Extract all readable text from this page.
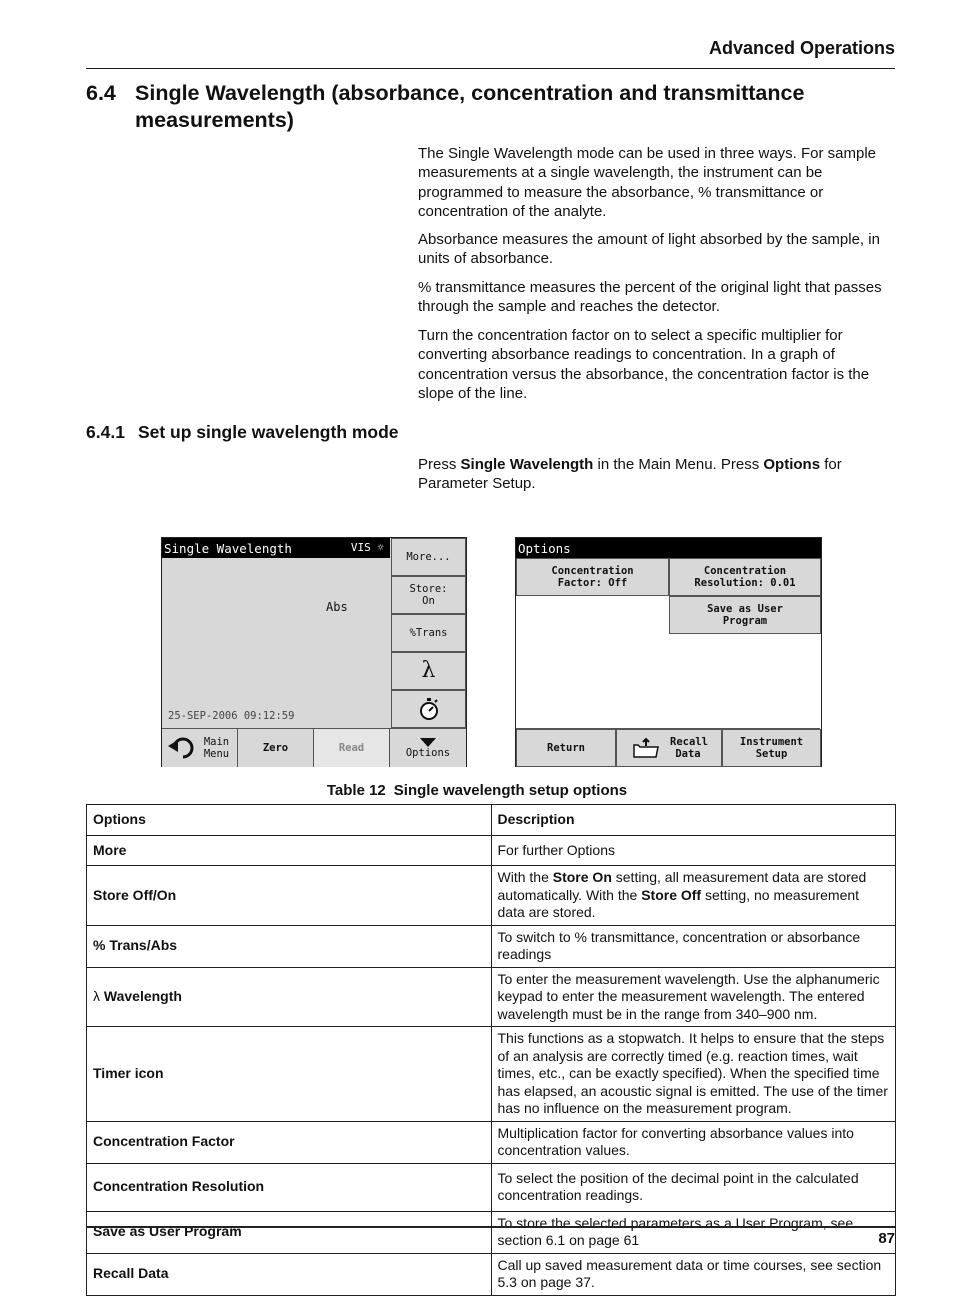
Advanced Operations
6.4 Single Wavelength (absorbance, concentration and transmittance measurements)

The Single Wavelength mode can be used in three ways. For sample measurements at a single wavelength, the instrument can be programmed to measure the absorbance, % transmittance or concentration of the analyte.

Absorbance measures the amount of light absorbed by the sample, in units of absorbance.

% transmittance measures the percent of the original light that passes through the sample and reaches the detector.

Turn the concentration factor on to select a specific multiplier for converting absorbance readings to concentration. In a graph of concentration versus the absorbance, the concentration factor is the slope of the line.

6.4.1 Set up single wavelength mode

Press Single Wavelength in the Main Menu. Press Options for Parameter Setup.

Single Wavelength	VIS ☼
Abs
25-SEP-2006 09:12:59
More...
Store: On
%Trans
λ
Main Menu	Zero	Read	Options
Options
Concentration Factor: Off
Concentration Resolution: 0.01
Save as User Program
Return	Recall Data
Instrument Setup
Table 12 Single wavelength setup options
Options	Description
More	For further Options
Store Off/On	With the Store On setting, all measurement data are stored automatically. With the Store Off setting, no measurement data are stored.
% Trans/Abs	To switch to % transmittance, concentration or absorbance readings
λ Wavelength	To enter the measurement wavelength. Use the alphanumeric keypad to enter the measurement wavelength. The entered wavelength must be in the range from 340–900 nm.
Timer icon	This functions as a stopwatch. It helps to ensure that the steps of an analysis are correctly timed (e.g. reaction times, wait times, etc., can be exactly specified). When the specified time has elapsed, an acoustic signal is emitted. The use of the timer has no influence on the measurement program.
Concentration Factor	Multiplication factor for converting absorbance values into concentration values.
Concentration Resolution	To select the position of the decimal point in the calculated concentration readings.
Save as User Program	To store the selected parameters as a User Program, see section 6.1 on page 61
Recall Data	Call up saved measurement data or time courses, see section 5.3 on page 37.
87
